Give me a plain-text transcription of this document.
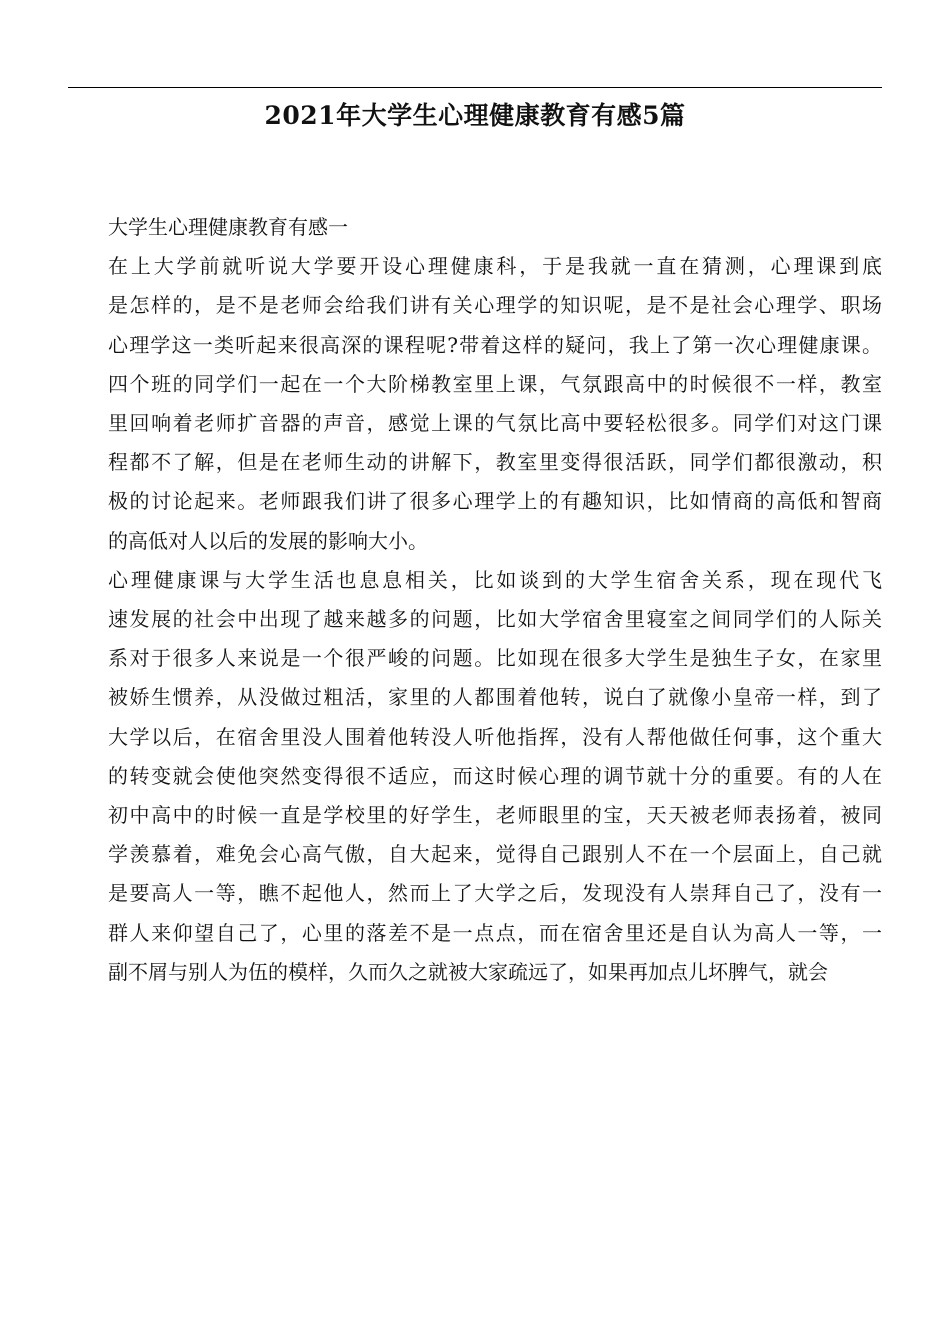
2021年大学生心理健康教育有感5篇

大学生心理健康教育有感一

在上大学前就听说大学要开设心理健康科，于是我就一直在猜测，心理课到底
是怎样的，是不是老师会给我们讲有关心理学的知识呢，是不是社会心理学、职场
心理学这一类听起来很高深的课程呢?带着这样的疑问，我上了第一次心理健康课。
四个班的同学们一起在一个大阶梯教室里上课，气氛跟高中的时候很不一样，教室
里回响着老师扩音器的声音，感觉上课的气氛比高中要轻松很多。同学们对这门课
程都不了解，但是在老师生动的讲解下，教室里变得很活跃，同学们都很激动，积
极的讨论起来。老师跟我们讲了很多心理学上的有趣知识，比如情商的高低和智商
的高低对人以后的发展的影响大小。

心理健康课与大学生活也息息相关，比如谈到的大学生宿舍关系，现在现代飞
速发展的社会中出现了越来越多的问题，比如大学宿舍里寝室之间同学们的人际关
系对于很多人来说是一个很严峻的问题。比如现在很多大学生是独生子女，在家里
被娇生惯养，从没做过粗活，家里的人都围着他转，说白了就像小皇帝一样，到了
大学以后，在宿舍里没人围着他转没人听他指挥，没有人帮他做任何事，这个重大
的转变就会使他突然变得很不适应，而这时候心理的调节就十分的重要。有的人在
初中高中的时候一直是学校里的好学生，老师眼里的宝，天天被老师表扬着，被同
学羡慕着，难免会心高气傲，自大起来，觉得自己跟别人不在一个层面上，自己就
是要高人一等，瞧不起他人，然而上了大学之后，发现没有人崇拜自己了，没有一
群人来仰望自己了，心里的落差不是一点点，而在宿舍里还是自认为高人一等，一
副不屑与别人为伍的模样，久而久之就被大家疏远了，如果再加点儿坏脾气，就会
